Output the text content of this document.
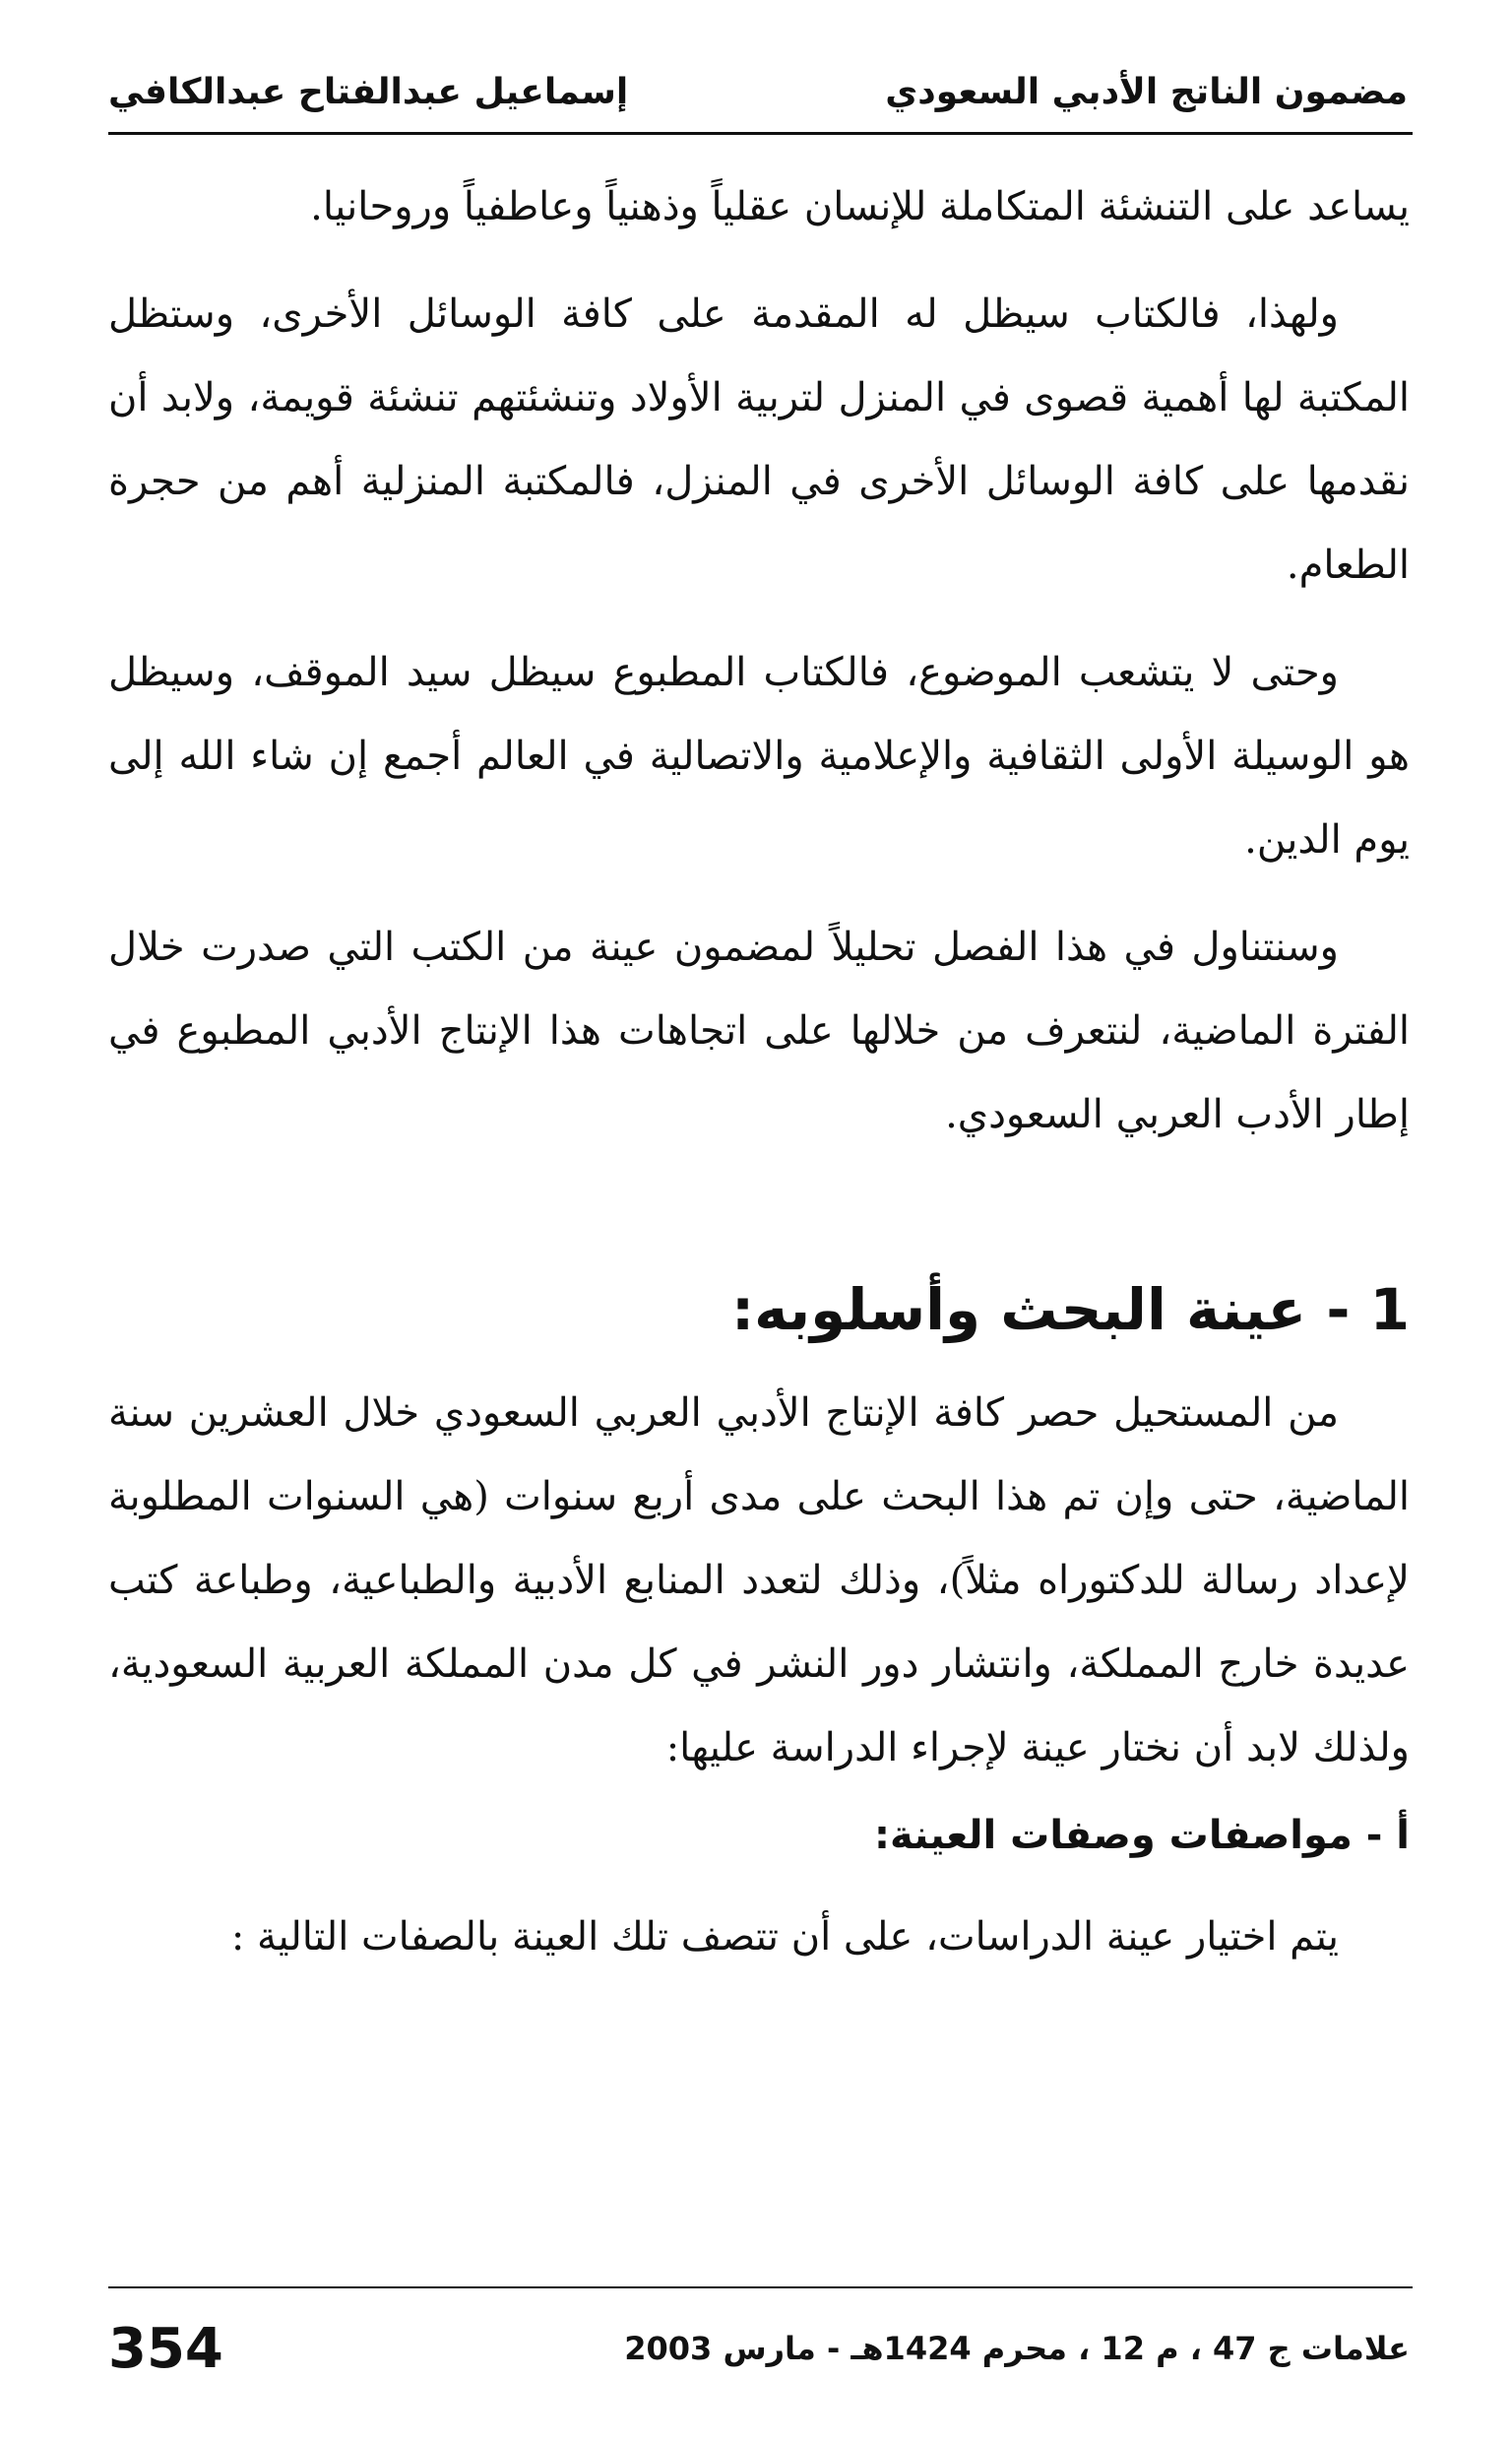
مضمون الناتج الأدبي السعودي
إسماعيل عبدالفتاح عبدالكافي

يساعد على التنشئة المتكاملة للإنسان عقلياً وذهنياً وعاطفياً وروحانيا.

ولهذا، فالكتاب سيظل له المقدمة على كافة الوسائل الأخرى، وستظل المكتبة لها أهمية قصوى في المنزل لتربية الأولاد وتنشئتهم تنشئة قويمة، ولابد أن نقدمها على كافة الوسائل الأخرى في المنزل، فالمكتبة المنزلية أهم من حجرة الطعام.

وحتى لا يتشعب الموضوع، فالكتاب المطبوع سيظل سيد الموقف، وسيظل هو الوسيلة الأولى الثقافية والإعلامية والاتصالية في العالم أجمع إن شاء الله إلى يوم الدين.

وسنتناول في هذا الفصل تحليلاً لمضمون عينة من الكتب التي صدرت خلال الفترة الماضية، لنتعرف من خلالها على اتجاهات هذا الإنتاج الأدبي المطبوع في إطار الأدب العربي السعودي.

1 - عينة البحث وأسلوبه:

من المستحيل حصر كافة الإنتاج الأدبي العربي السعودي خلال العشرين سنة الماضية، حتى وإن تم هذا البحث على مدى أربع سنوات (هي السنوات المطلوبة لإعداد رسالة للدكتوراه مثلاً)، وذلك لتعدد المنابع الأدبية والطباعية، وطباعة كتب عديدة خارج المملكة، وانتشار دور النشر في كل مدن المملكة العربية السعودية، ولذلك لابد أن نختار عينة لإجراء الدراسة عليها:

أ - مواصفات وصفات العينة:

يتم اختيار عينة الدراسات، على أن تتصف تلك العينة بالصفات التالية :

علامات ج 47 ، م 12 ، محرم 1424هـ - مارس 2003
354
